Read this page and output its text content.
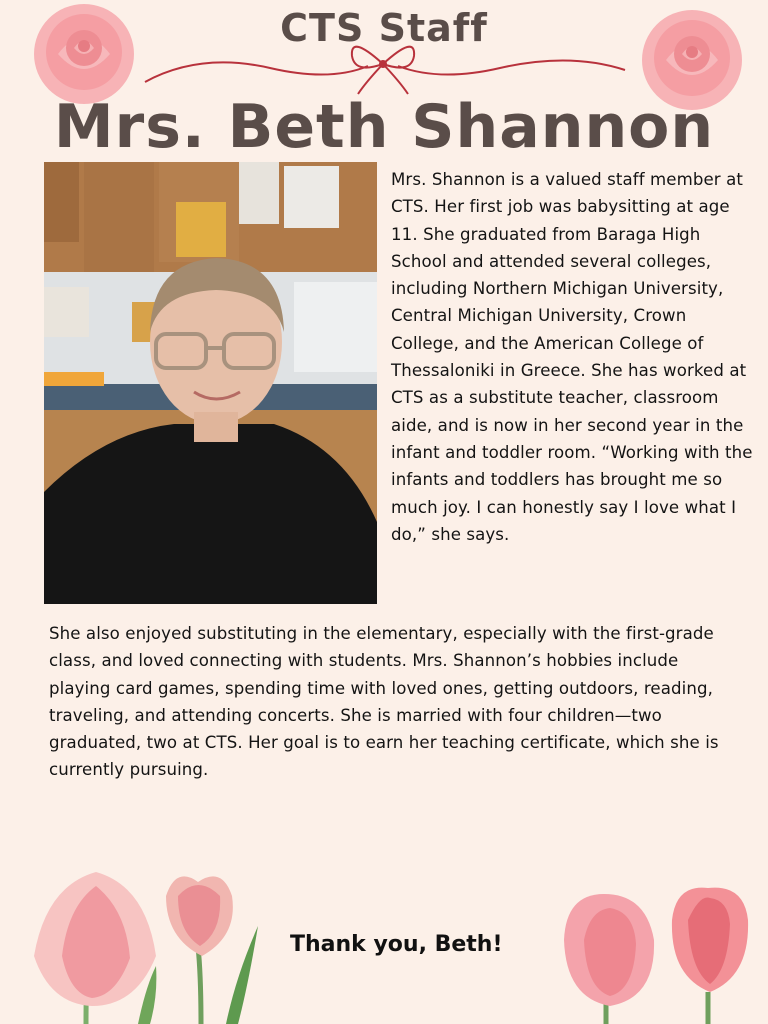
CTS Staff
Mrs. Beth Shannon
Mrs. Shannon is a valued staff member at CTS. Her first job was babysitting at age 11. She graduated from Baraga High School and attended several colleges, including Northern Michigan University, Central Michigan University, Crown College, and the American College of Thessaloniki in Greece. She has worked at CTS as a substitute teacher, classroom aide, and is now in her second year in the infant and toddler room. “Working with the infants and toddlers has brought me so much joy. I can honestly say I love what I do,” she says.
She also enjoyed substituting in the elementary, especially with the first-grade class, and loved connecting with students. Mrs. Shannon’s hobbies include playing card games, spending time with loved ones, getting outdoors, reading, traveling, and attending concerts. She is married with four children—two graduated, two at CTS. Her goal is to earn her teaching certificate, which she is currently pursuing.
Thank you, Beth!
